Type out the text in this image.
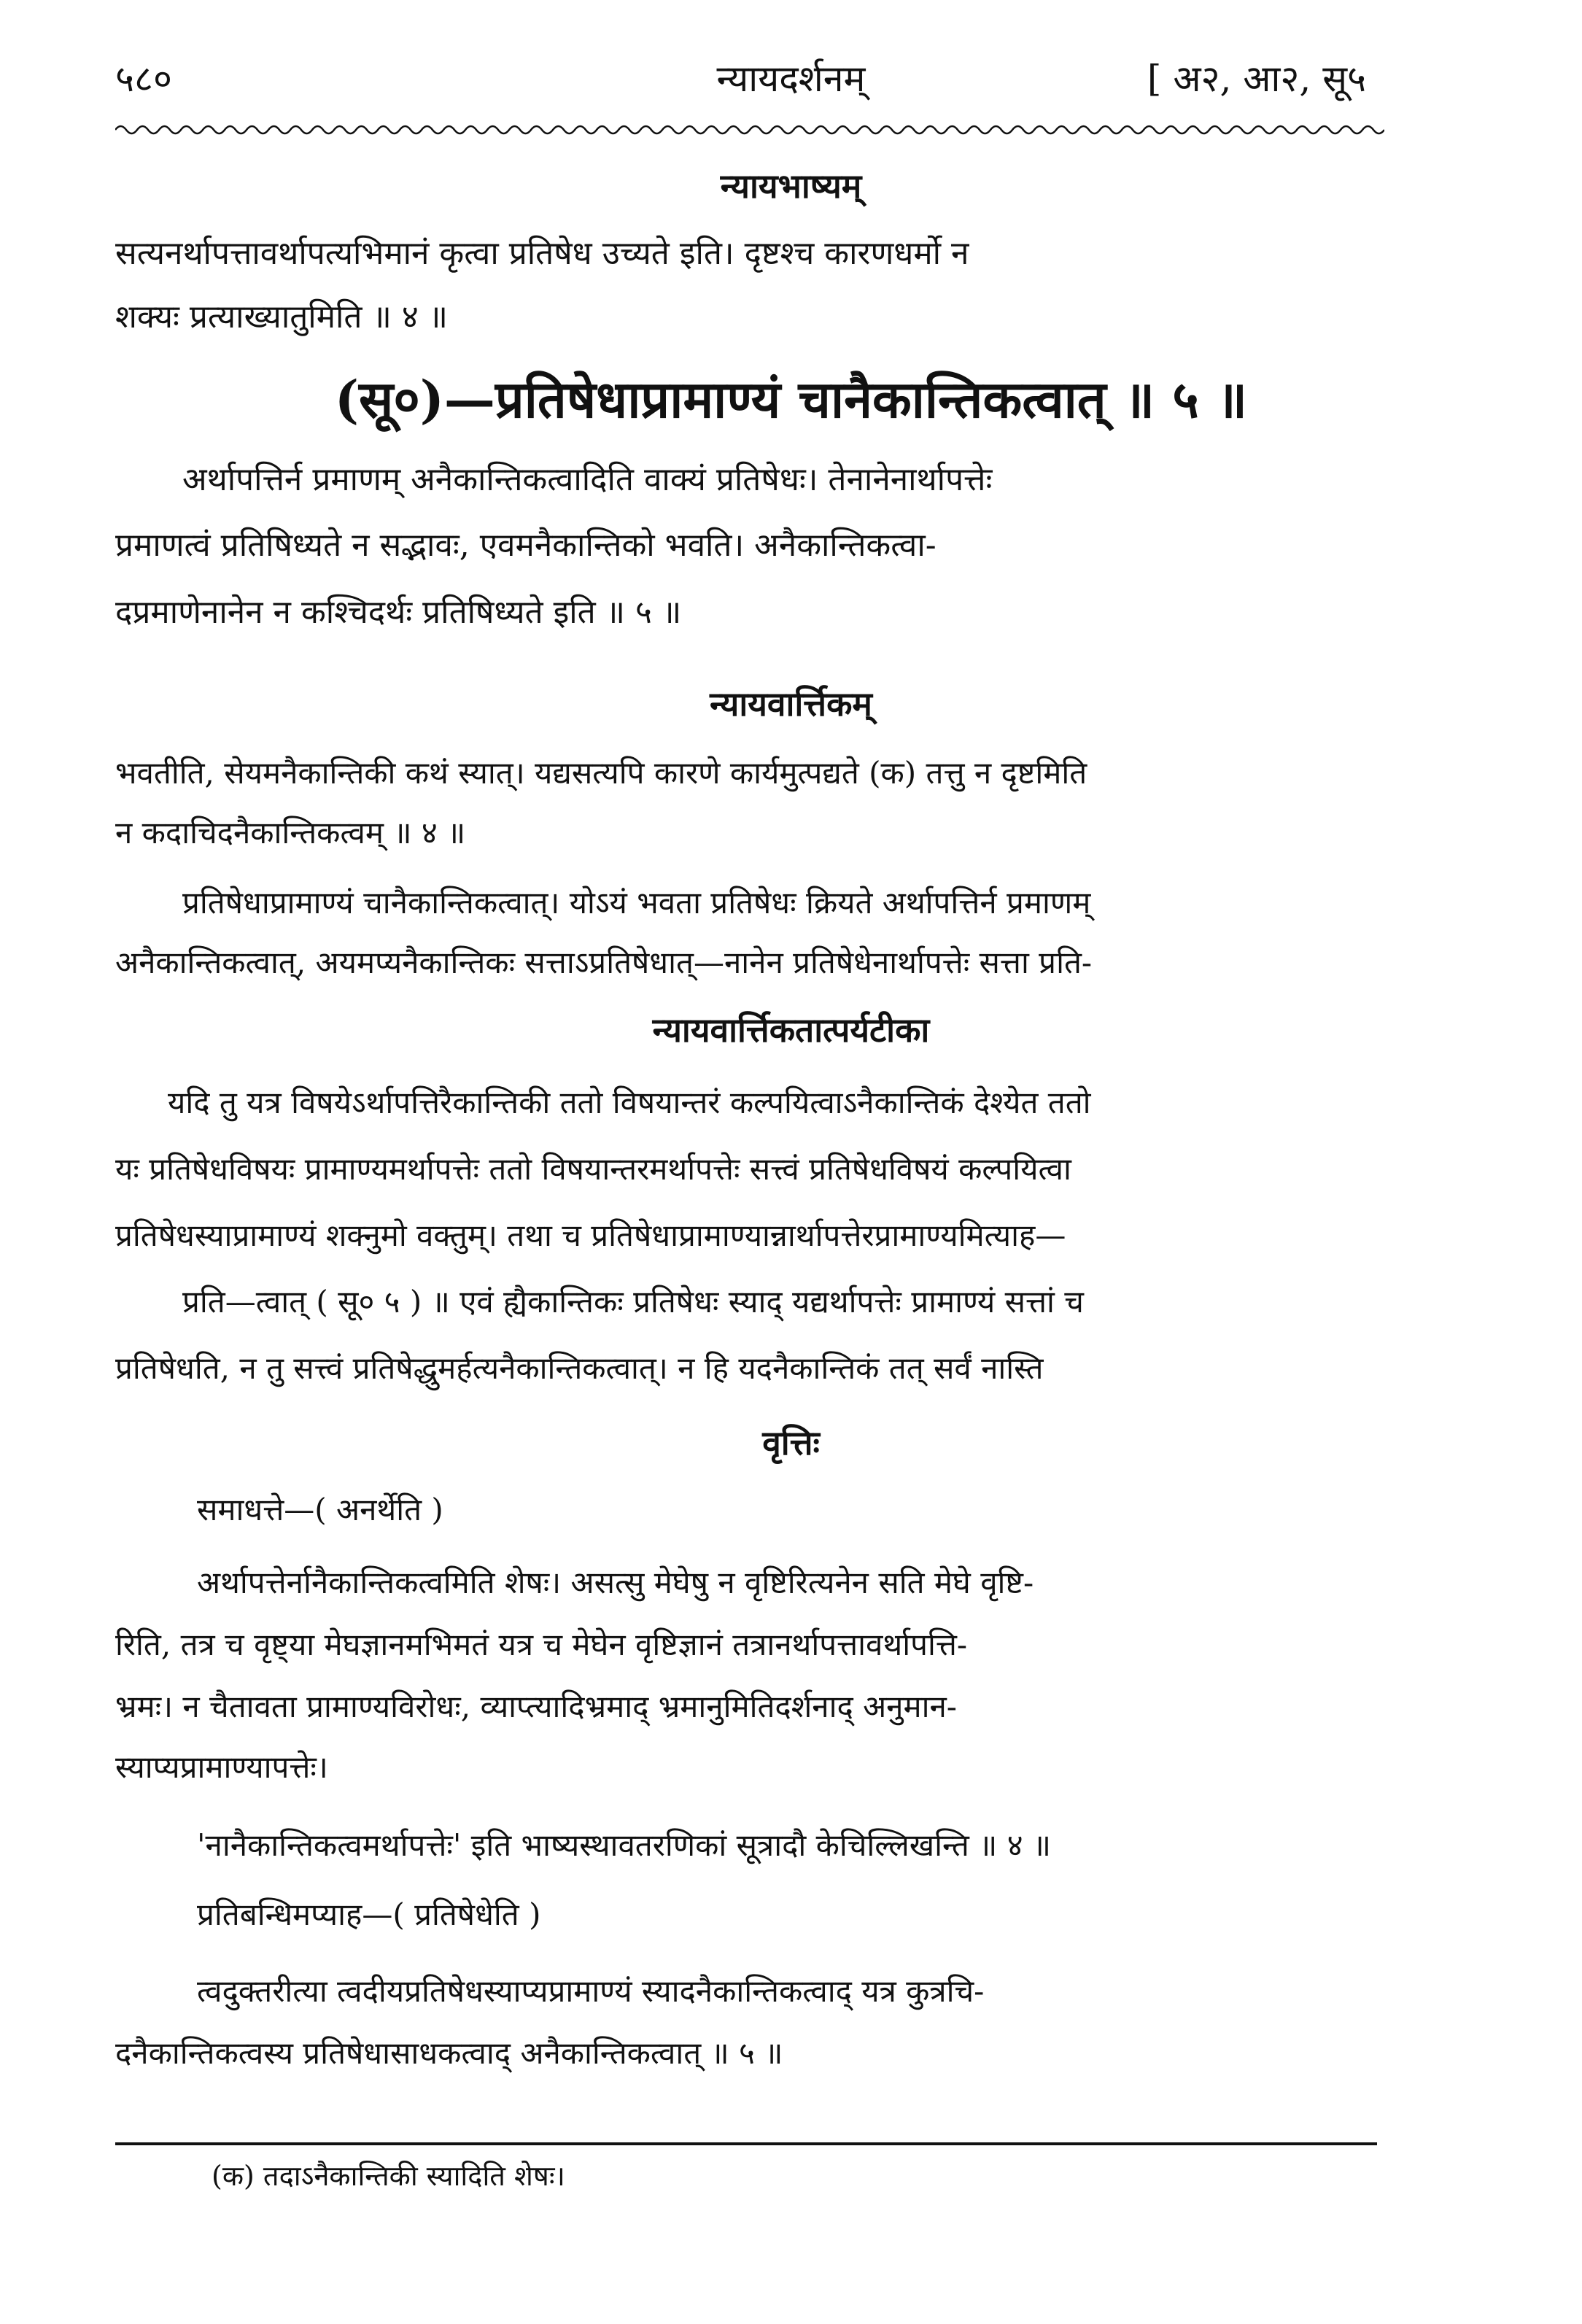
५८०	न्यायदर्शनम्	[ अ२, आ२, सू५
न्यायभाष्यम्
सत्यनर्थापत्तावर्थापत्यभिमानं कृत्वा प्रतिषेध उच्यते इति। दृष्टश्च कारणधर्मो न
शक्यः प्रत्याख्यातुमिति ॥ ४ ॥
(सू०)—प्रतिषेधाप्रामाण्यं चानैकान्तिकत्वात् ॥ ५ ॥
अर्थापत्तिर्न प्रमाणम् अनैकान्तिकत्वादिति वाक्यं प्रतिषेधः। तेनानेनार्थापत्तेः
प्रमाणत्वं प्रतिषिध्यते न सद्भावः, एवमनैकान्तिको भवति। अनैकान्तिकत्वा-
दप्रमाणेनानेन न कश्चिदर्थः प्रतिषिध्यते इति ॥ ५ ॥
न्यायवार्त्तिकम्
भवतीति, सेयमनैकान्तिकी कथं स्यात्। यद्यसत्यपि कारणे कार्यमुत्पद्यते (क) तत्तु न दृष्टमिति
न कदाचिदनैकान्तिकत्वम् ॥ ४ ॥
प्रतिषेधाप्रामाण्यं चानैकान्तिकत्वात्। योऽयं भवता प्रतिषेधः क्रियते अर्थापत्तिर्न प्रमाणम्
अनैकान्तिकत्वात्, अयमप्यनैकान्तिकः सत्ताऽप्रतिषेधात्—नानेन प्रतिषेधेनार्थापत्तेः सत्ता प्रति-
न्यायवार्त्तिकतात्पर्यटीका
यदि तु यत्र विषयेऽर्थापत्तिरैकान्तिकी ततो विषयान्तरं कल्पयित्वाऽनैकान्तिकं देश्येत ततो
यः प्रतिषेधविषयः प्रामाण्यमर्थापत्तेः ततो विषयान्तरमर्थापत्तेः सत्त्वं प्रतिषेधविषयं कल्पयित्वा
प्रतिषेधस्याप्रामाण्यं शक्नुमो वक्तुम्। तथा च प्रतिषेधाप्रामाण्यान्नार्थापत्तेरप्रामाण्यमित्याह—
प्रति—त्वात् ( सू० ५ ) ॥ एवं ह्यैकान्तिकः प्रतिषेधः स्याद् यद्यर्थापत्तेः प्रामाण्यं सत्तां च
प्रतिषेधति, न तु सत्त्वं प्रतिषेद्धुमर्हत्यनैकान्तिकत्वात्। न हि यदनैकान्तिकं तत् सर्वं नास्ति
वृत्तिः
समाधत्ते—( अनर्थेति )
अर्थापत्तेर्नानैकान्तिकत्वमिति शेषः। असत्सु मेघेषु न वृष्टिरित्यनेन सति मेघे वृष्टि-
रिति, तत्र च वृष्ट्या मेघज्ञानमभिमतं यत्र च मेघेन वृष्टिज्ञानं तत्रानर्थापत्तावर्थापत्ति-
भ्रमः। न चैतावता प्रामाण्यविरोधः, व्याप्त्यादिभ्रमाद् भ्रमानुमितिदर्शनाद् अनुमान-
स्याप्यप्रामाण्यापत्तेः।
'नानैकान्तिकत्वमर्थापत्तेः' इति भाष्यस्थावतरणिकां सूत्रादौ केचिल्लिखन्ति ॥ ४ ॥
प्रतिबन्धिमप्याह—( प्रतिषेधेति )
त्वदुक्तरीत्या त्वदीयप्रतिषेधस्याप्यप्रामाण्यं स्यादनैकान्तिकत्वाद् यत्र कुत्रचि-
दनैकान्तिकत्वस्य प्रतिषेधासाधकत्वाद् अनैकान्तिकत्वात् ॥ ५ ॥
(क) तदाऽनैकान्तिकी स्यादिति शेषः।
